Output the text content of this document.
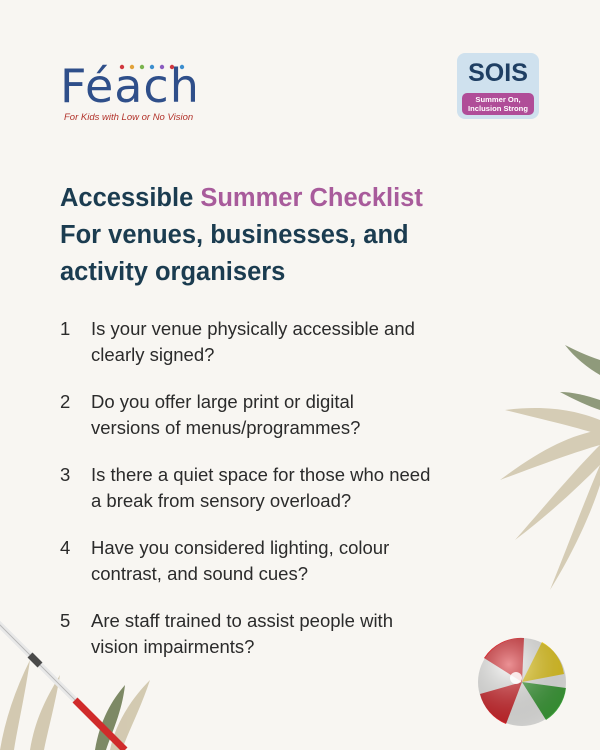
Féach
For Kids with Low or No Vision
SOIS
Summer On,
Inclusion Strong
Accessible Summer Checklist
For venues, businesses, and
activity organisers
1	Is your venue physically accessible and
clearly signed?
2	Do you offer large print or digital
versions of menus/programmes?
3	Is there a quiet space for those who need
a break from sensory overload?
4	Have you considered lighting, colour
contrast, and sound cues?
5	Are staff trained to assist people with
vision impairments?
